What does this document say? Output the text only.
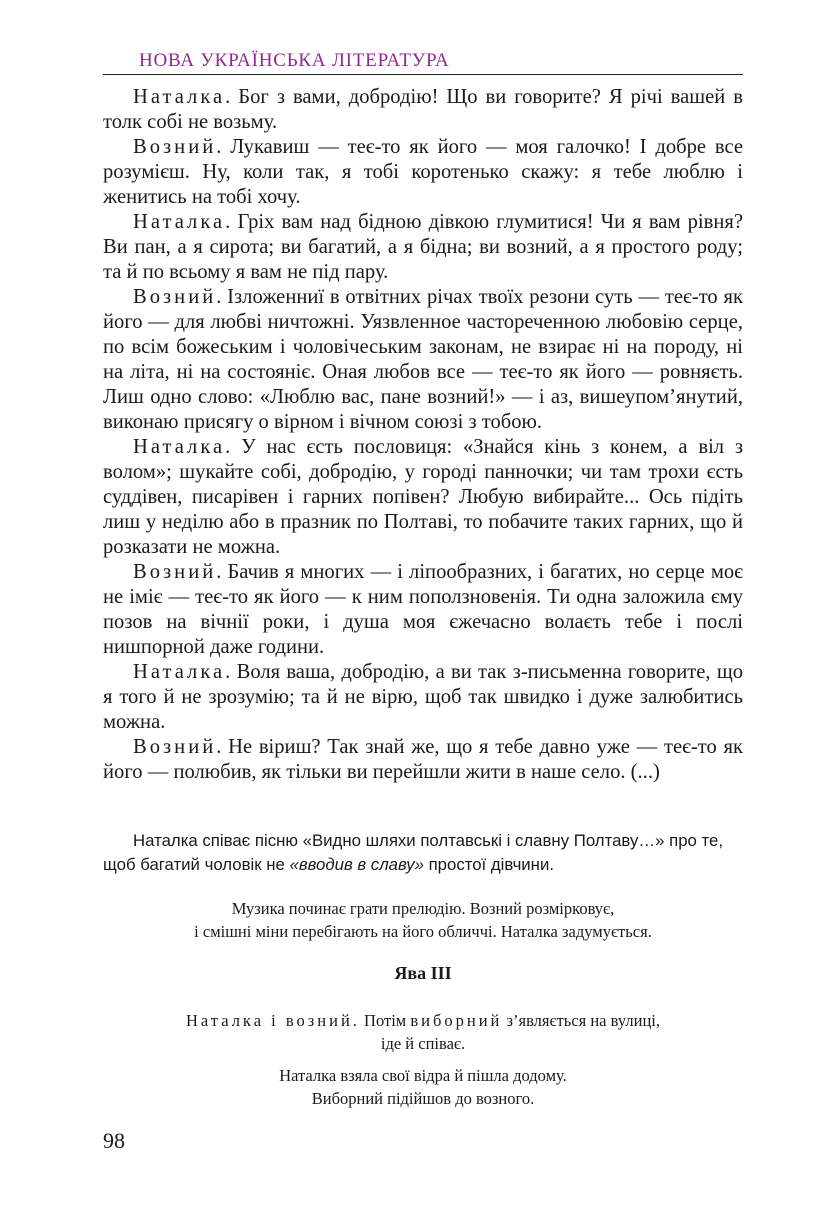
НОВА УКРАЇНСЬКА ЛІТЕРАТУРА

Наталка. Бог з вами, добродію! Що ви говорите? Я річі вашей в толк собі не возьму.

Возний. Лукавиш — теє-то як його — моя галочко! І добре все розумієш. Ну, коли так, я тобі коротенько скажу: я тебе люблю і женитись на тобі хочу.

Наталка. Гріх вам над бідною дівкою глумитися! Чи я вам рівня? Ви пан, а я сирота; ви багатий, а я бідна; ви возний, а я простого роду; та й по всьому я вам не під пару.

Возний. Ізложенниї в отвітних річах твоїх резони суть — теє-то як його — для любві ничтожні. Уязвленное частореченною любовію серце, по всім божеським і чоловічеським законам, не взирає ні на породу, ні на літа, ні на состояніє. Оная любов все — теє-то як його — ровняєть. Лиш одно слово: «Люблю вас, пане возний!» — і аз, вишеупом’янутий, виконаю присягу о вірном і вічном союзі з тобою.

Наталка. У нас єсть пословиця: «Знайся кінь з конем, а віл з волом»; шукайте собі, добродію, у городі панночки; чи там трохи єсть суддівен, писарівен і гарних попівен? Любую вибирайте... Ось підіть лиш у неділю або в празник по Полтаві, то побачите таких гарних, що й розказати не можна.

Возний. Бачив я многих — і ліпообразних, і багатих, но серце моє не іміє — теє-то як його — к ним поползновенія. Ти одна заложила єму позов на вічнії роки, і душа моя єжечасно волаєть тебе і послі нишпорной даже години.

Наталка. Воля ваша, добродію, а ви так з-письменна говорите, що я того й не зрозумію; та й не вірю, щоб так швидко і дуже залюбитись можна.

Возний. Не віриш? Так знай же, що я тебе давно уже — теє-то як його — полюбив, як тільки ви перейшли жити в наше село. (...)

Наталка співає пісню «Видно шляхи полтавські і славну Полтаву…» про те, щоб багатий чоловік не «вводив в славу» простої дівчини.

Музика починає грати прелюдію. Возний розмірковує,
і смішні міни перебігають на його обличчі. Наталка задумується.

Ява III

Наталка і возний. Потім виборний з’являється на вулиці,
іде й співає.
Наталка взяла свої відра й пішла додому.
Виборний підійшов до возного.
98
